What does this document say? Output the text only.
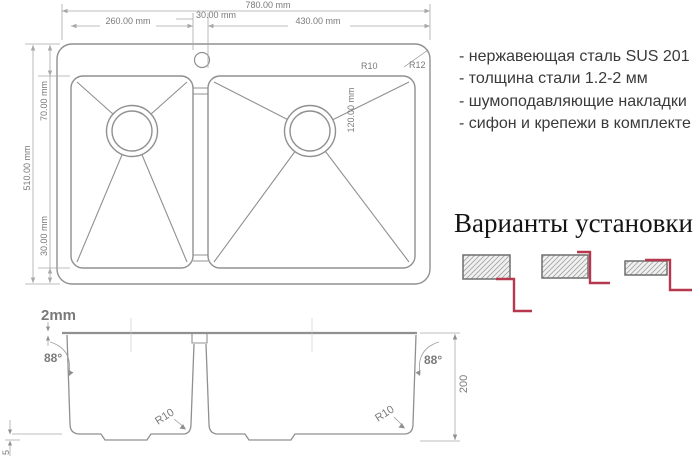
780.00 mm
30.00 mm
260.00 mm	430.00 mm
70.00 mm
510.00 mm
30.00 mm
120.00 mm
R10	R12
2mm
88°	88°
200
R10	R10
5
- нержавеющая сталь SUS 201
- толщина стали 1.2-2 мм
- шумоподавляющие накладки
- сифон и крепежи в комплекте
Варианты установки
